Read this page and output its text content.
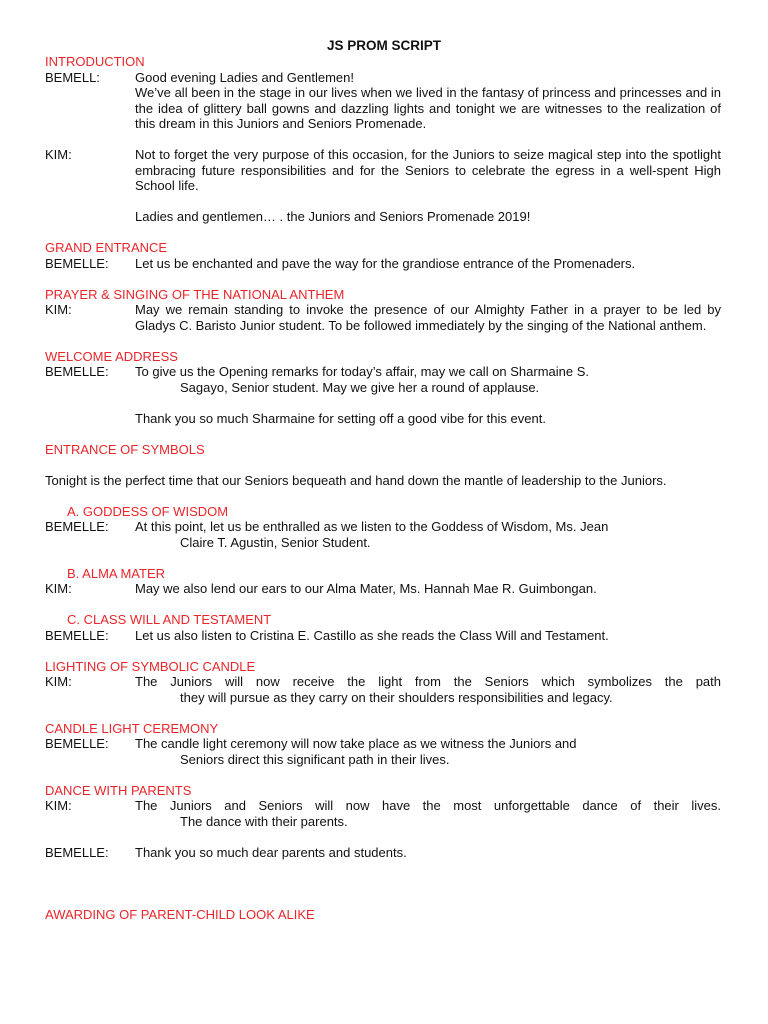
JS PROM SCRIPT
INTRODUCTION
BEMELL:	Good evening Ladies and Gentlemen!
We’ve all been in the stage in our lives when we lived in the fantasy of princess and princesses and in the idea of glittery ball gowns and dazzling lights and tonight we are witnesses to the realization of this dream in this Juniors and Seniors Promenade.
KIM:	Not to forget the very purpose of this occasion, for the Juniors to seize magical step into the spotlight embracing future responsibilities and for the Seniors to celebrate the egress in a well-spent High School life.
Ladies and gentlemen… . the Juniors and Seniors Promenade 2019!
GRAND ENTRANCE
BEMELLE:	Let us be enchanted and pave the way for the grandiose entrance of the Promenaders.
PRAYER & SINGING OF THE NATIONAL ANTHEM
KIM:	May we remain standing to invoke the presence of our Almighty Father in a prayer to be led by Gladys C. Baristo Junior student. To be followed immediately by the singing of the National anthem.
WELCOME ADDRESS
BEMELLE:	To give us the Opening remarks for today’s affair, may we call on Sharmaine S.
Sagayo, Senior student. May we give her a round of applause.
Thank you so much Sharmaine for setting off a good vibe for this event.
ENTRANCE OF SYMBOLS
Tonight is the perfect time that our Seniors bequeath and hand down the mantle of leadership to the Juniors.
A. GODDESS OF WISDOM
BEMELLE:	At this point, let us be enthralled as we listen to the Goddess of Wisdom, Ms. Jean
Claire T. Agustin, Senior Student.
B. ALMA MATER
KIM:	May we also lend our ears to our Alma Mater, Ms. Hannah Mae R. Guimbongan.
C. CLASS WILL AND TESTAMENT
BEMELLE:	Let us also listen to Cristina E. Castillo as she reads the Class Will and Testament.
LIGHTING OF SYMBOLIC CANDLE
KIM:	The Juniors will now receive the light from the Seniors which symbolizes the path
they will pursue as they carry on their shoulders responsibilities and legacy.
CANDLE LIGHT CEREMONY
BEMELLE:	The candle light ceremony will now take place as we witness the Juniors and
Seniors direct this significant path in their lives.
DANCE WITH PARENTS
KIM:	The Juniors and Seniors will now have the most unforgettable dance of their lives.
The dance with their parents.
BEMELLE:	Thank you so much dear parents and students.
AWARDING OF PARENT-CHILD LOOK ALIKE
